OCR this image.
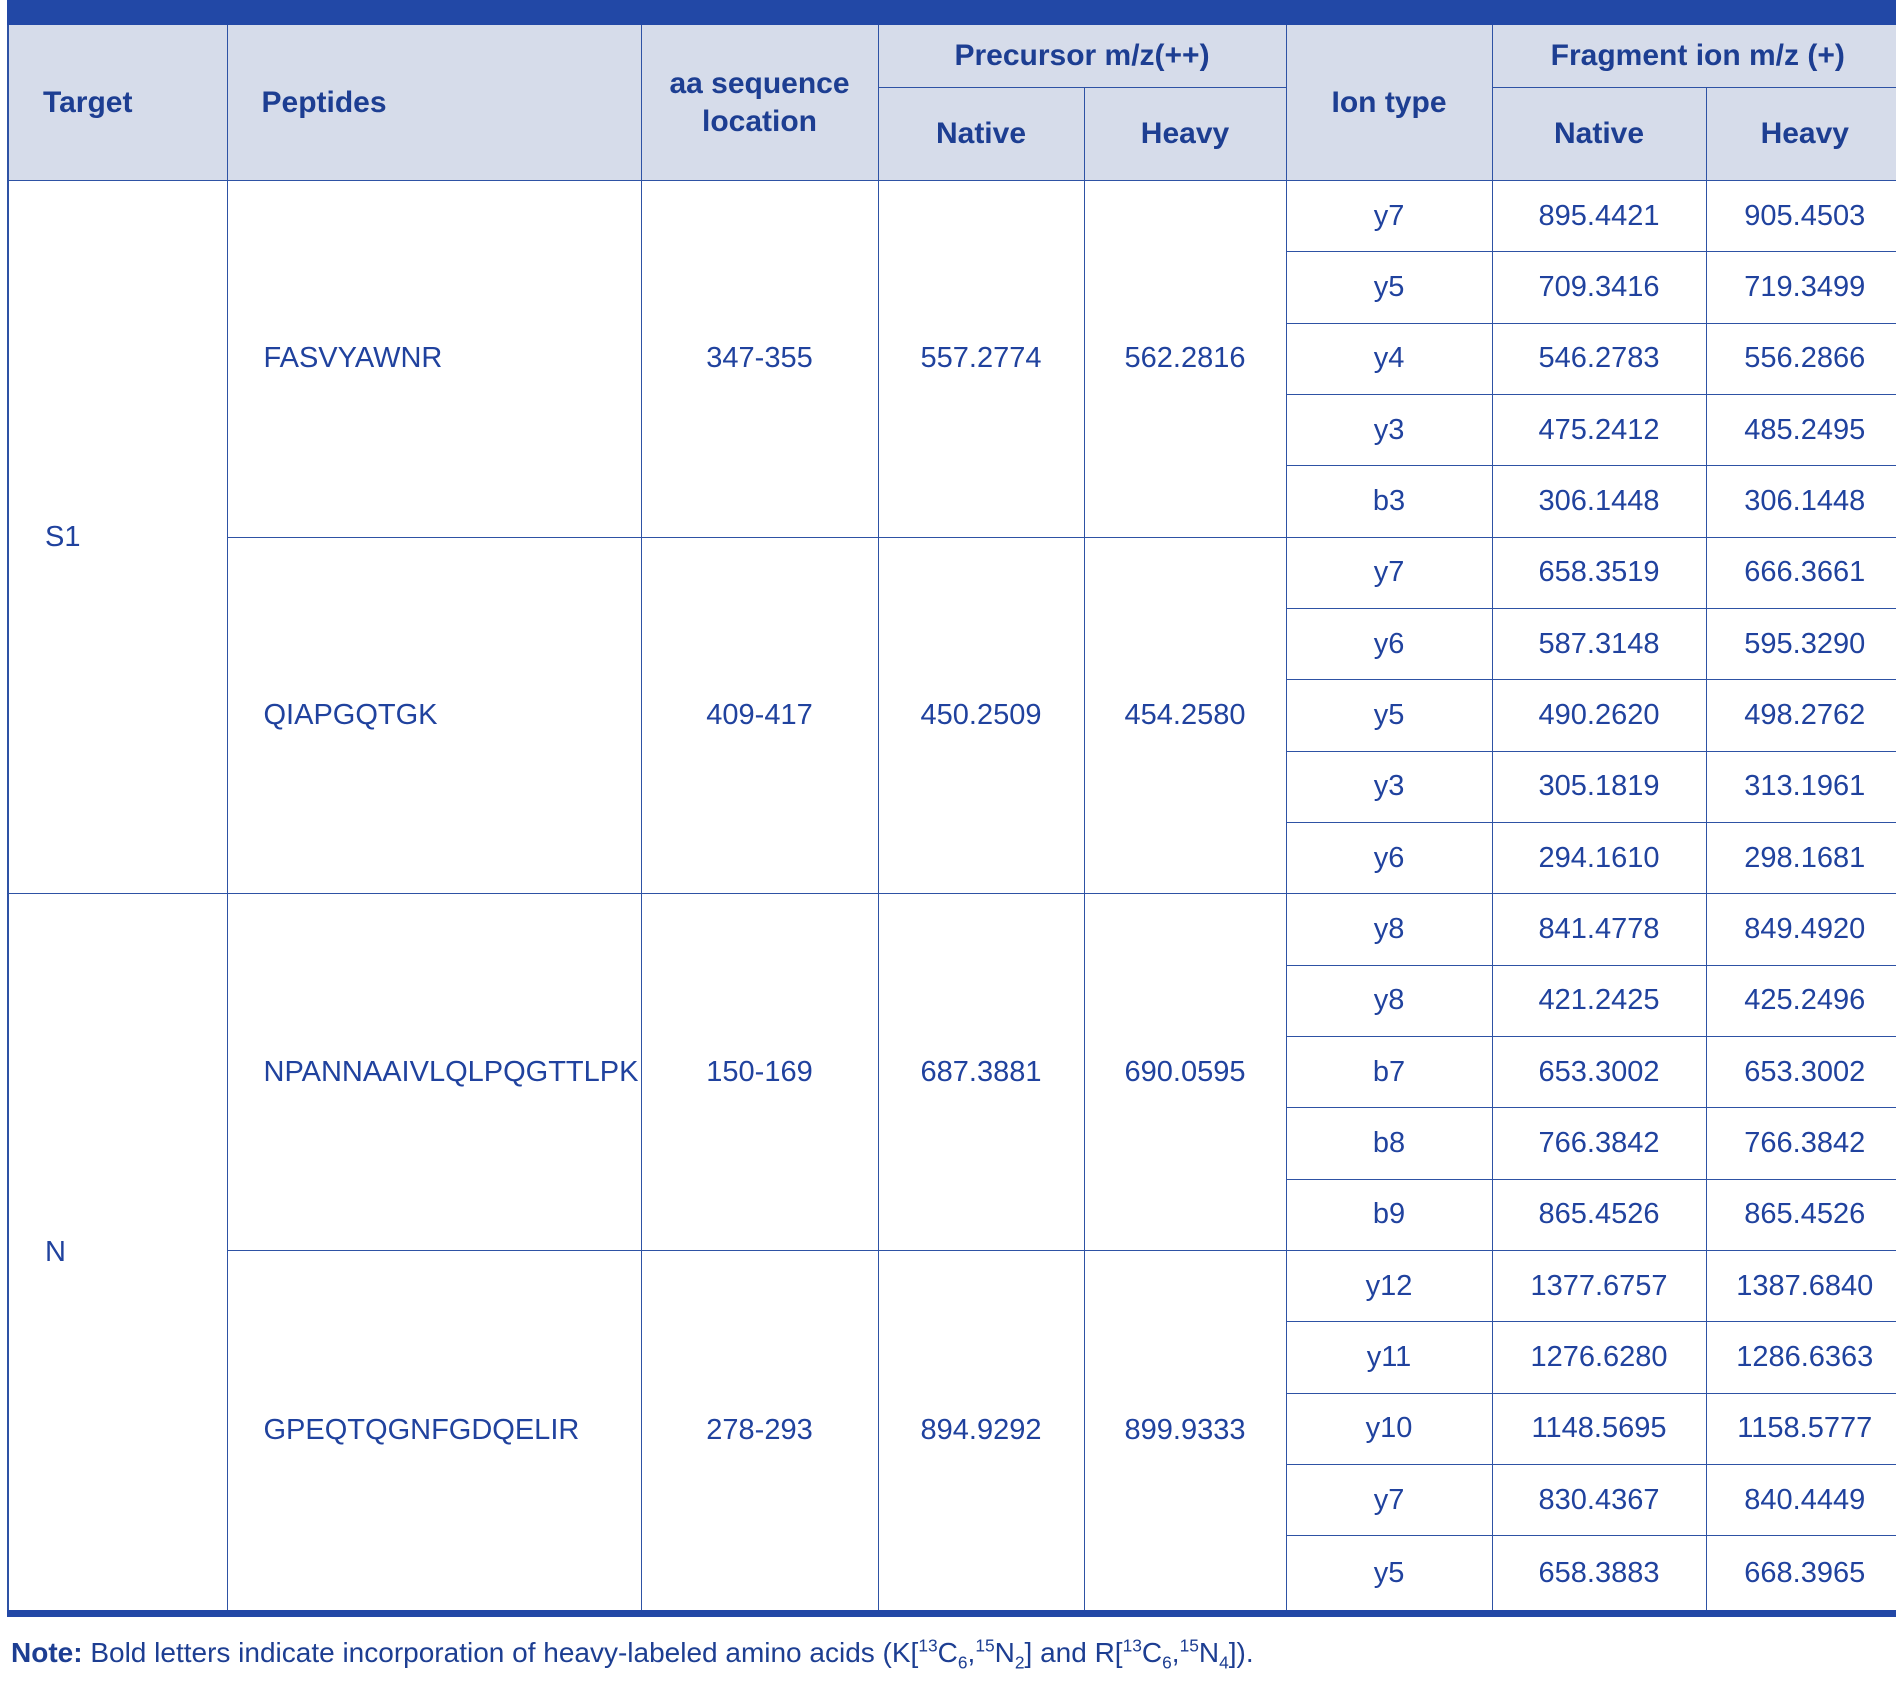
Target	Peptides	aa sequence location	Precursor m/z(++)		Ion type	Fragment ion m/z (+)	
			Native	Heavy		Native	Heavy
S1	FASVYAWNR	347-355	557.2774	562.2816	y7	895.4421	905.4503
					y5	709.3416	719.3499
					y4	546.2783	556.2866
					y3	475.2412	485.2495
					b3	306.1448	306.1448
	QIAPGQTGK	409-417	450.2509	454.2580	y7	658.3519	666.3661
					y6	587.3148	595.3290
					y5	490.2620	498.2762
					y3	305.1819	313.1961
					y6	294.1610	298.1681
N	NPANNAAIVLQLPQGTTLPK	150-169	687.3881	690.0595	y8	841.4778	849.4920
					y8	421.2425	425.2496
					b7	653.3002	653.3002
					b8	766.3842	766.3842
					b9	865.4526	865.4526
	GPEQTQGNFGDQELIR	278-293	894.9292	899.9333	y12	1377.6757	1387.6840
					y11	1276.6280	1286.6363
					y10	1148.5695	1158.5777
					y7	830.4367	840.4449
					y5	658.3883	668.3965
Note: Bold letters indicate incorporation of heavy-labeled amino acids ($K[^{13}C_6,^{15}N_2]$ and $R[^{13}C_6,^{15}N_4]$).
